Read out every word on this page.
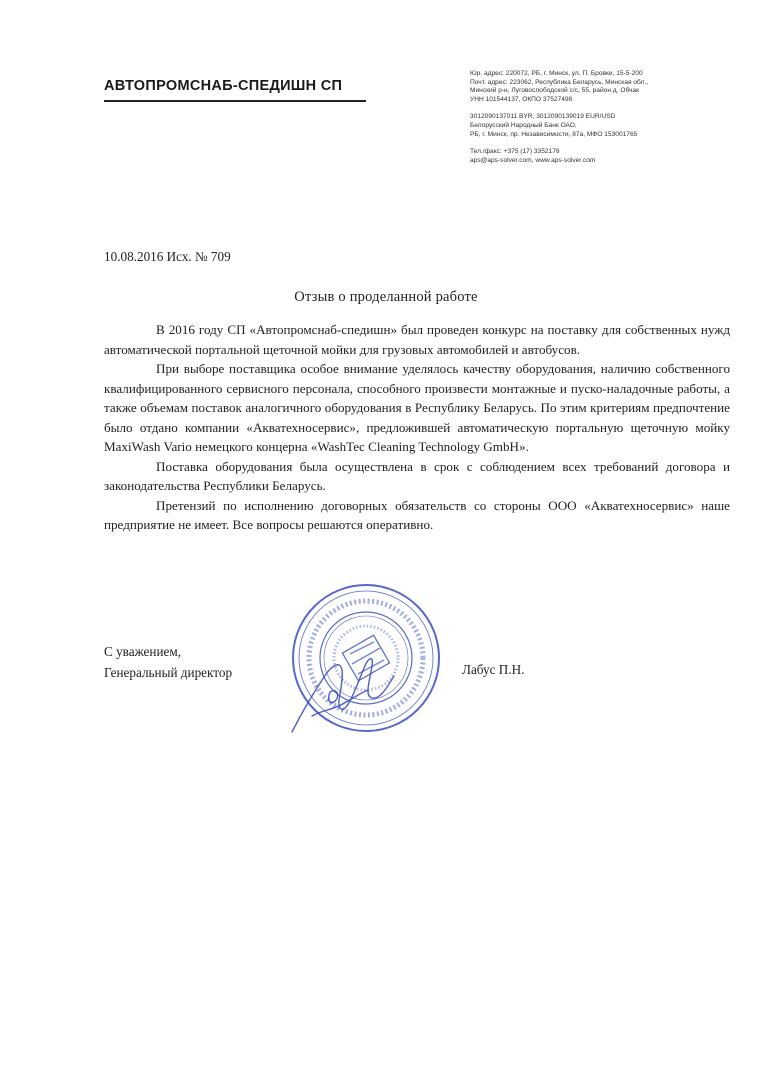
АВТОПРОМСНАБ-СПЕДИШН СП
Юр. адрес: 220072, РБ, г. Минск, ул. П. Бровки, 15-5-200
Почт. адрес: 223062, Республика Беларусь, Минская обл.,
Минский р-н, Луговослободской с/с, 55, район д. Обчак
УНН 101544137, ОКПО 37527498
3012090137011 BYR, 3012090139019 EUR/USD
Белорусский Народный Банк ОАО,
РБ, г. Минск, пр. Независимости, 87а, МФО 153001765
Тел./факс: +375 (17) 3352178
aps@aps-solver.com, www.aps-solver.com
10.08.2016 Исх. № 709
Отзыв о проделанной работе

В 2016 году СП «Автопромснаб-спедишн» был проведен конкурс на поставку для собственных нужд автоматической портальной щеточной мойки для грузовых автомобилей и автобусов.

При выборе поставщика особое внимание уделялось качеству оборудования, наличию собственного квалифицированного сервисного персонала, способного произвести монтажные и пуско-наладочные работы, а также объемам поставок аналогичного оборудования в Республику Беларусь. По этим критериям предпочтение было отдано компании «Акватехносервис», предложившей автоматическую портальную щеточную мойку MaxiWash Vario немецкого концерна «WashTec Cleaning Technology GmbH».

Поставка оборудования была осуществлена в срок с соблюдением всех требований договора и законодательства Республики Беларусь.

Претензий по исполнению договорных обязательств со стороны ООО «Акватехносервис» наше предприятие не имеет. Все вопросы решаются оперативно.

С уважением,
Генеральный директор	Лабус П.Н.
